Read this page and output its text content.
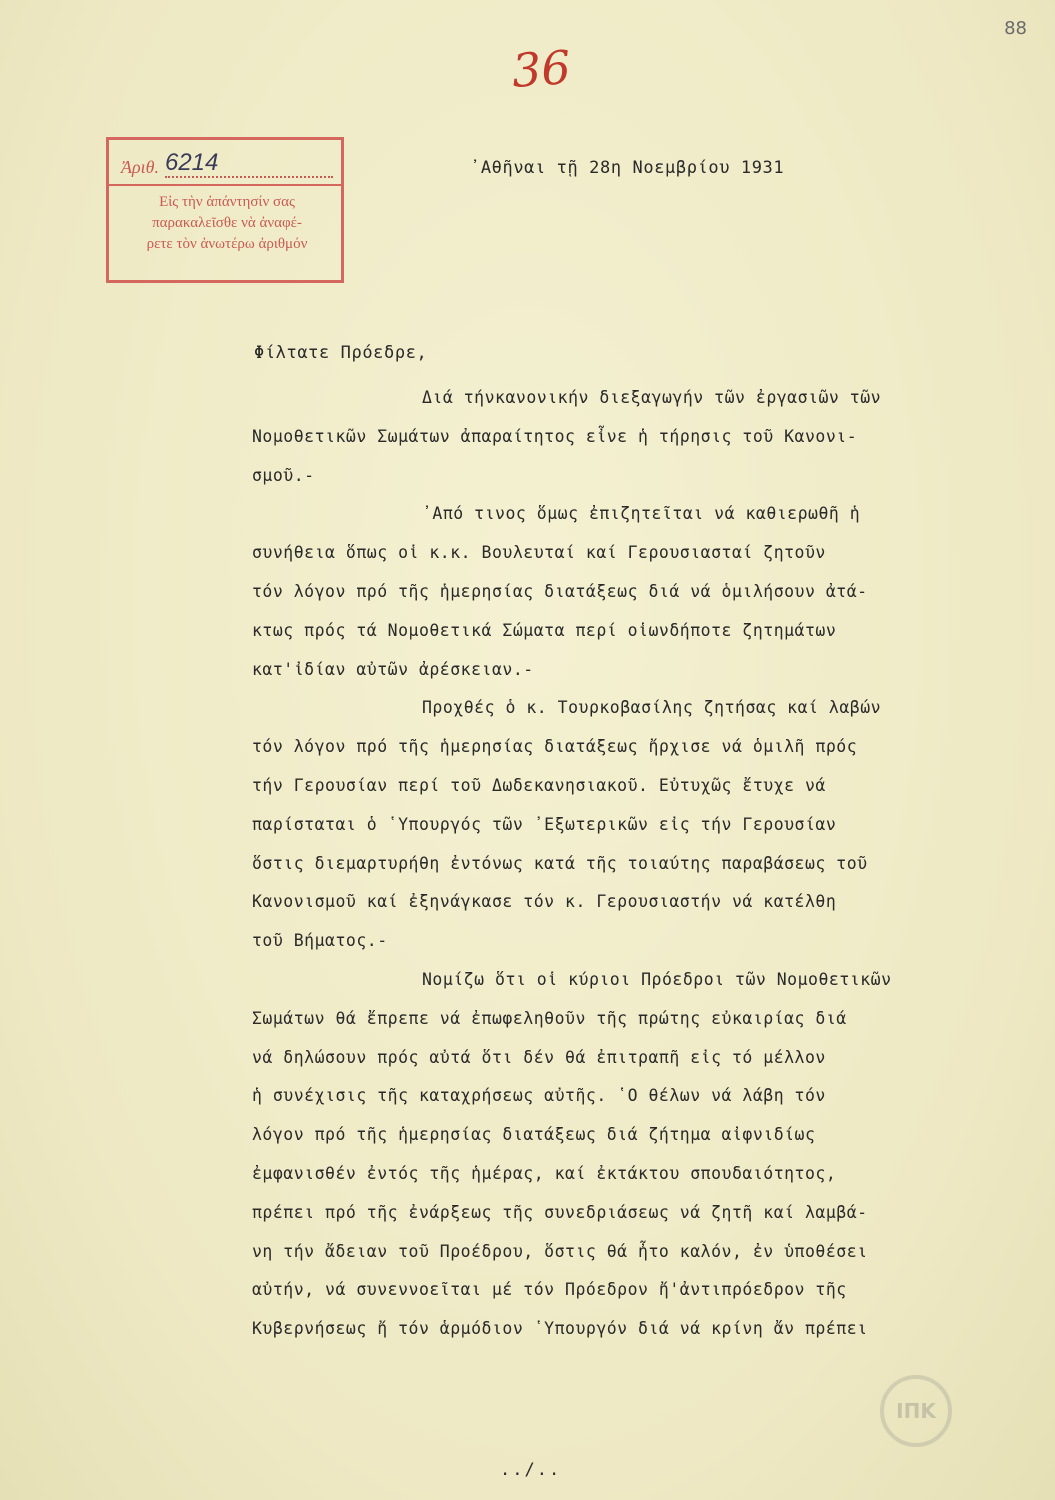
88
36
Ἀριθ. 6214
Εἰς τὴν ἀπάντησίν σας
παρακαλεῖσθε νὰ ἀναφέ-
ρετε τὸν ἀνωτέρω ἀριθμόν
᾿Αθῆναι τῇ 28η Νοεμβρίου 1931
Φίλτατε Πρόεδρε,
Διά τήνκανονικήν διεξαγωγήν τῶν ἐργασιῶν τῶν
Νομοθετικῶν Σωμάτων ἀπαραίτητος εἶνε ἡ τήρησις τοῦ Κανονι-
σμοῦ.-
᾿Από τινος ὅμως ἐπιζητεῖται νά καθιερωθῆ ἡ
συνήθεια ὅπως οἱ κ.κ. Βουλευταί καί Γερουσιασταί ζητοῦν
τόν λόγον πρό τῆς ἡμερησίας διατάξεως διά νά ὁμιλήσουν ἀτά-
κτως πρός τά Νομοθετικά Σώματα περί οἱωνδήποτε ζητημάτων
κατ'ἰδίαν αὐτῶν ἀρέσκειαν.-
Προχθές ὁ κ. Τουρκοβασίλης ζητήσας καί λαβών
τόν λόγον πρό τῆς ἡμερησίας διατάξεως ἤρχισε νά ὁμιλῆ πρός
τήν Γερουσίαν περί τοῦ Δωδεκανησιακοῦ. Εὐτυχῶς ἔτυχε νά
παρίσταται ὁ ῾Υπουργός τῶν ᾿Εξωτερικῶν εἰς τήν Γερουσίαν
ὅστις διεμαρτυρήθη ἐντόνως κατά τῆς τοιαύτης παραβάσεως τοῦ
Κανονισμοῦ καί ἐξηνάγκασε τόν κ. Γερουσιαστήν νά κατέλθη
τοῦ Βήματος.-
Νομίζω ὅτι οἱ κύριοι Πρόεδροι τῶν Νομοθετικῶν
Σωμάτων θά ἔπρεπε νά ἐπωφεληθοῦν τῆς πρώτης εὐκαιρίας διά
νά δηλώσουν πρός αὐτά ὅτι δέν θά ἐπιτραπῆ εἰς τό μέλλον
ἡ συνέχισις τῆς καταχρήσεως αὐτῆς. ῾Ο θέλων νά λάβη τόν
λόγον πρό τῆς ἡμερησίας διατάξεως διά ζήτημα αἰφνιδίως
ἐμφανισθέν ἐντός τῆς ἡμέρας, καί ἐκτάκτου σπουδαιότητος,
πρέπει πρό τῆς ἐνάρξεως τῆς συνεδριάσεως νά ζητῆ καί λαμβά-
νη τήν ἄδειαν τοῦ Προέδρου, ὅστις θά ἦτο καλόν, ἐν ὑποθέσει
αὐτήν, νά συνεννοεῖται μέ τόν Πρόεδρον ἤ'ἀντιπρόεδρον τῆς
Κυβερνήσεως ἤ τόν ἁρμόδιον ῾Υπουργόν διά νά κρίνη ἄν πρέπει
../..
ΙΠΚ
